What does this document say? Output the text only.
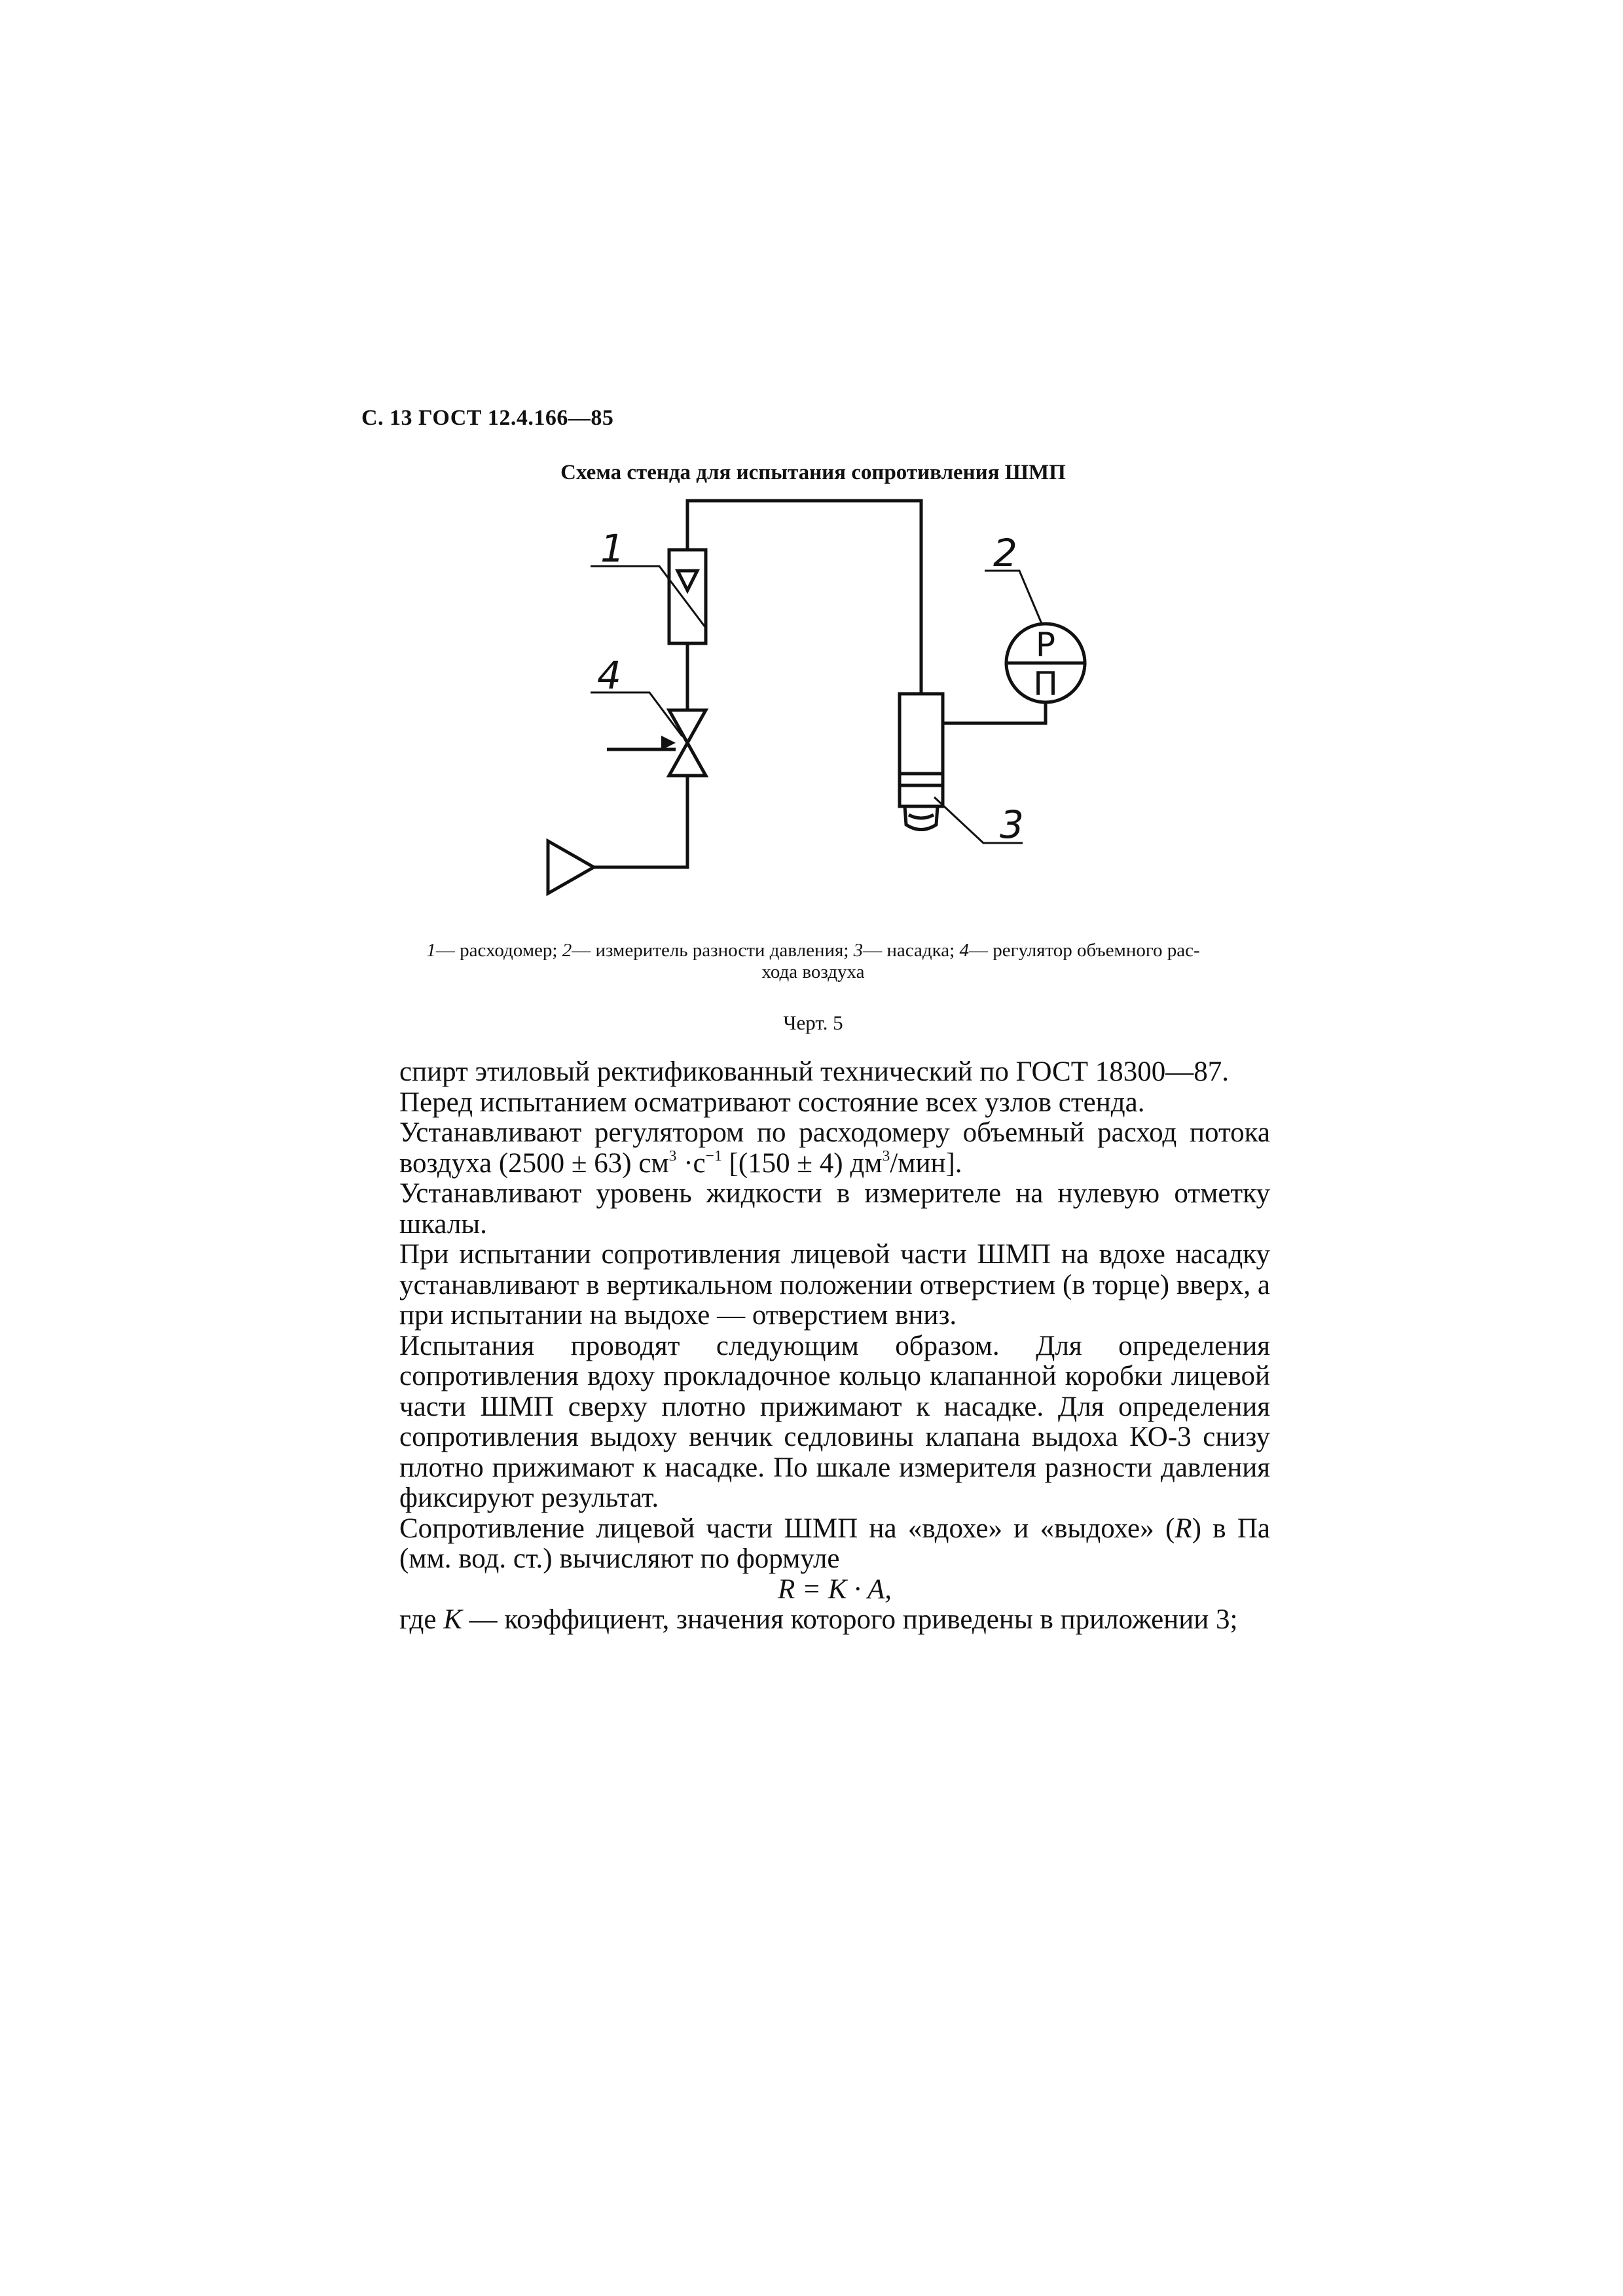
С. 13 ГОСТ 12.4.166—85
Схема стенда для испытания сопротивления ШМП
1	2
3
4
Р
П
1— расходомер; 2— измеритель разности давления; 3— насадка; 4— регулятор объемного рас-
хода воздуха
Черт. 5

спирт этиловый ректификованный технический по ГОСТ 18300—87.

Перед испытанием осматривают состояние всех узлов стенда.

Устанавливают регулятором по расходомеру объемный расход потока воздуха (2500 ± 63) $см^3 \cdot с^{-1}$ [(150 ± 4) $дм^3/мин$].

Устанавливают уровень жидкости в измерителе на нулевую отметку шкалы.

При испытании сопротивления лицевой части ШМП на вдохе насадку устанавливают в вертикальном положении отверстием (в торце) вверх, а при испытании на выдохе — отверстием вниз.

Испытания проводят следующим образом. Для определения сопротивления вдоху прокладочное кольцо клапанной коробки лицевой части ШМП сверху плотно прижимают к насадке. Для определения сопротивления выдоху венчик седловины клапана выдоха КО-3 снизу плотно прижимают к насадке. По шкале измерителя разности давления фиксируют результат.

Сопротивление лицевой части ШМП на «вдохе» и «выдохе» (R) в Па (мм. вод. ст.) вычисляют по формуле

R = K · A,

где K — коэффициент, значения которого приведены в приложении 3;
